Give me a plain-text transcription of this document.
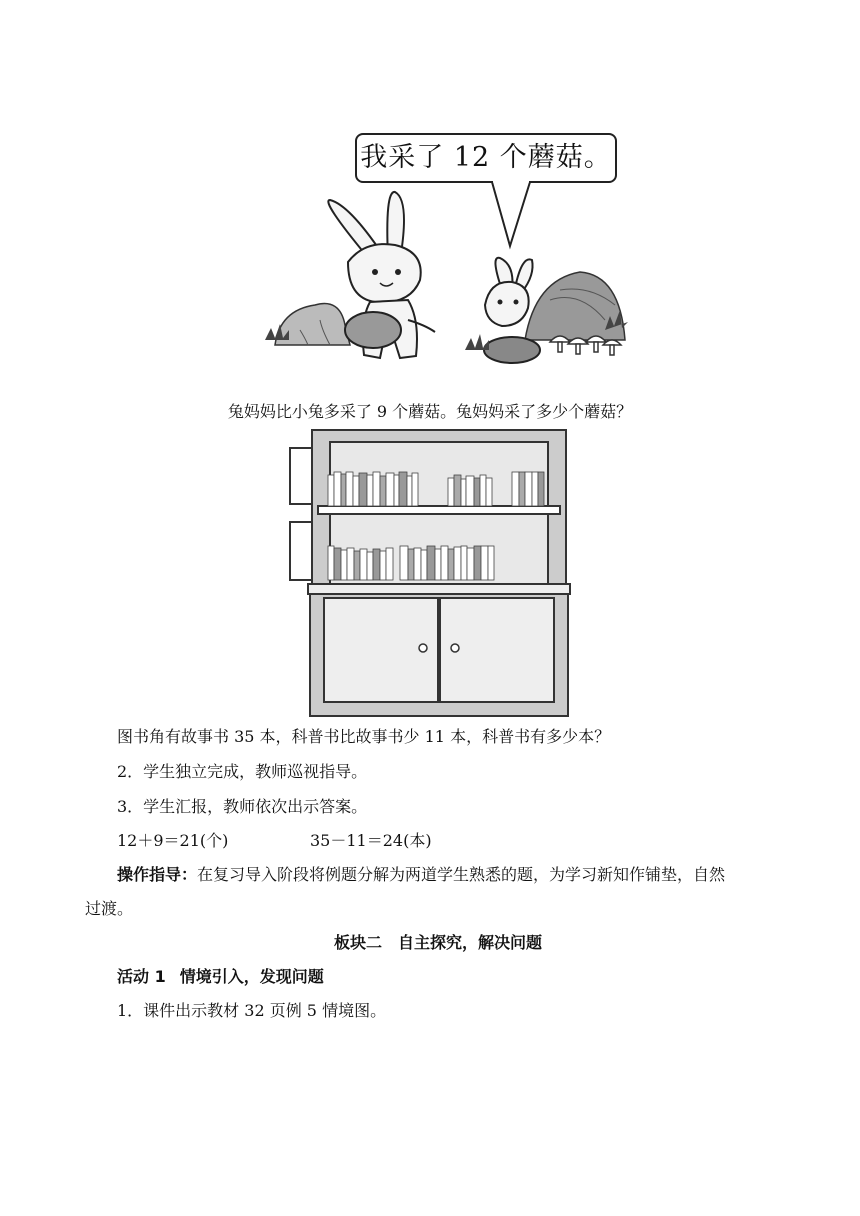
我采了 12 个蘑菇。
兔妈妈比小兔多采了 9 个蘑菇。兔妈妈采了多少个蘑菇？
图书角有故事书 35 本，科普书比故事书少 11 本，科普书有多少本？
2．学生独立完成，教师巡视指导。
3．学生汇报，教师依次出示答案。
12＋9＝21(个)	35－11＝24(本)
操作指导：在复习导入阶段将例题分解为两道学生熟悉的题，为学习新知作铺垫，自然
过渡。
板块二　自主探究，解决问题
活动 1 情境引入，发现问题
1．课件出示教材 32 页例 5 情境图。
